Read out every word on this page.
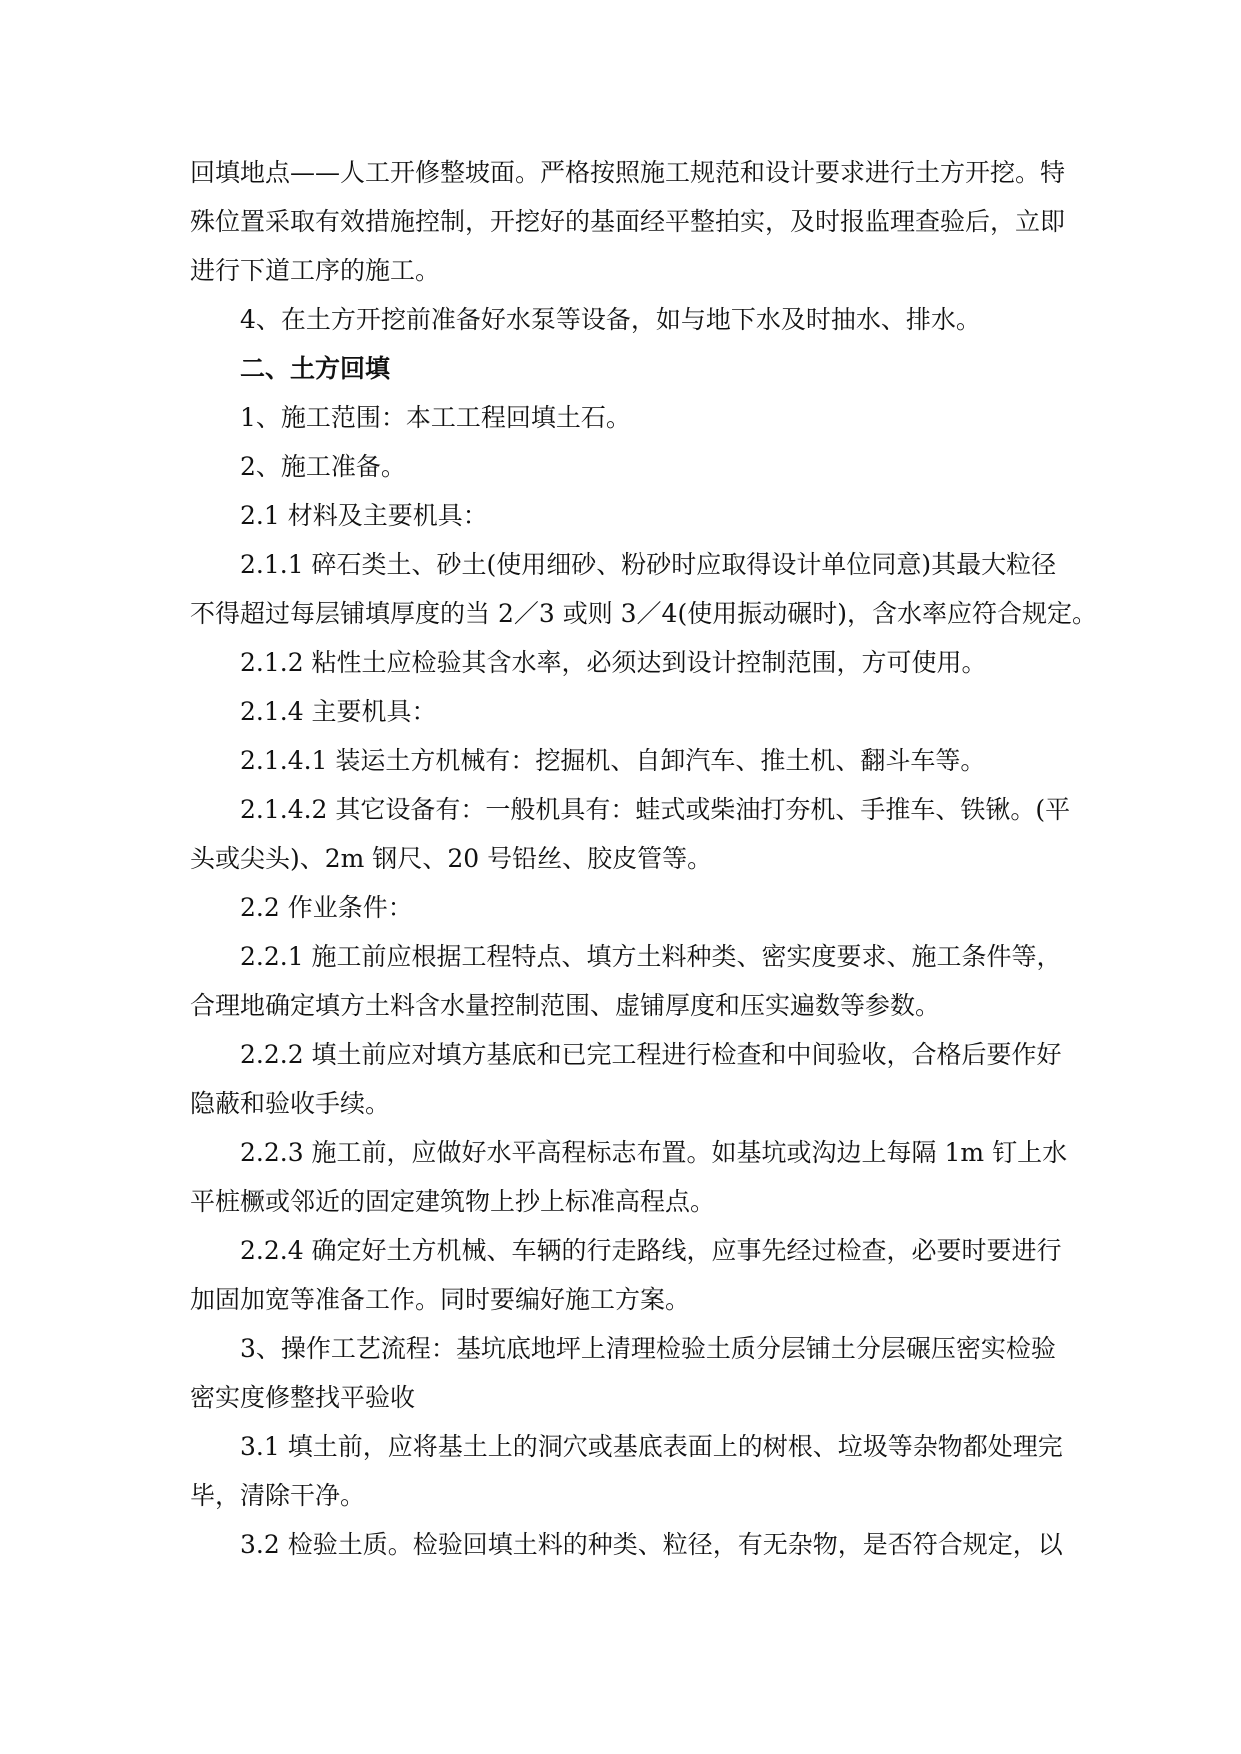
回填地点——人工开修整坡面。严格按照施工规范和设计要求进行土方开挖。特
殊位置采取有效措施控制，开挖好的基面经平整拍实，及时报监理查验后，立即
进行下道工序的施工。
4、在土方开挖前准备好水泵等设备，如与地下水及时抽水、排水。
二、土方回填
1、施工范围：本工工程回填土石。
2、施工准备。
2.1 材料及主要机具：
2.1.1 碎石类土、砂土(使用细砂、粉砂时应取得设计单位同意)其最大粒径
不得超过每层铺填厚度的当 2／3 或则 3／4(使用振动碾时)，含水率应符合规定。
2.1.2 粘性土应检验其含水率，必须达到设计控制范围，方可使用。
2.1.4 主要机具：
2.1.4.1 装运土方机械有：挖掘机、自卸汽车、推土机、翻斗车等。
2.1.4.2 其它设备有：一般机具有：蛙式或柴油打夯机、手推车、铁锹。(平
头或尖头)、2m 钢尺、20 号铅丝、胶皮管等。
2.2 作业条件：
2.2.1 施工前应根据工程特点、填方土料种类、密实度要求、施工条件等，
合理地确定填方土料含水量控制范围、虚铺厚度和压实遍数等参数。
2.2.2 填土前应对填方基底和已完工程进行检查和中间验收，合格后要作好
隐蔽和验收手续。
2.2.3 施工前，应做好水平高程标志布置。如基坑或沟边上每隔 1m 钉上水
平桩橛或邻近的固定建筑物上抄上标准高程点。
2.2.4 确定好土方机械、车辆的行走路线，应事先经过检查，必要时要进行
加固加宽等准备工作。同时要编好施工方案。
3、操作工艺流程：基坑底地坪上清理检验土质分层铺土分层碾压密实检验
密实度修整找平验收
3.1 填土前，应将基土上的洞穴或基底表面上的树根、垃圾等杂物都处理完
毕，清除干净。
3.2 检验土质。检验回填土料的种类、粒径，有无杂物，是否符合规定，以
